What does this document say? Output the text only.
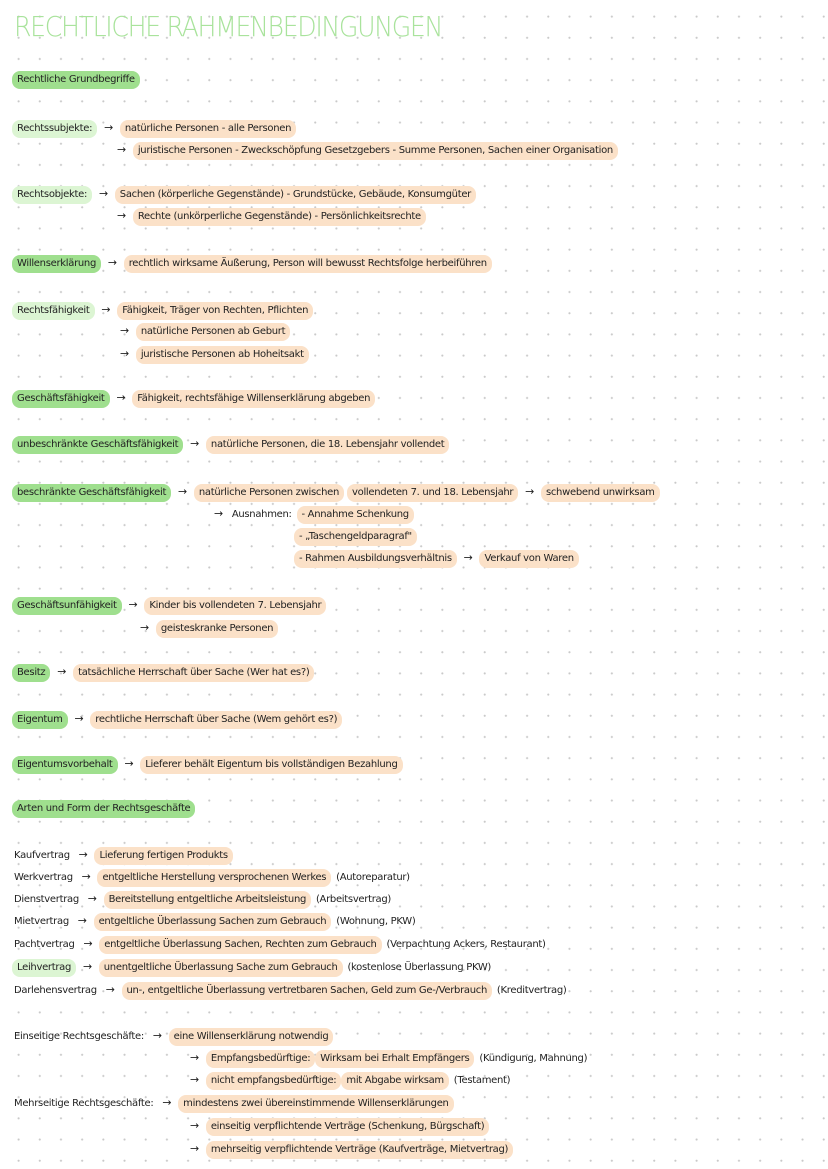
RECHTLICHE RAHMENBEDINGUNGEN
Rechtliche Grundbegriffe
Rechtssubjekte: → natürliche Personen - alle Personen
→ juristische Personen - Zweckschöpfung Gesetzgebers - Summe Personen, Sachen einer Organisation
Rechtsobjekte: → Sachen (körperliche Gegenstände) - Grundstücke, Gebäude, Konsumgüter
→ Rechte (unkörperliche Gegenstände) - Persönlichkeitsrechte
Willenserklärung → rechtlich wirksame Äußerung, Person will bewusst Rechtsfolge herbeiführen
Rechtsfähigkeit → Fähigkeit, Träger von Rechten, Pflichten
→ natürliche Personen ab Geburt
→ juristische Personen ab Hoheitsakt
Geschäftsfähigkeit → Fähigkeit, rechtsfähige Willenserklärung abgeben
unbeschränkte Geschäftsfähigkeit → natürliche Personen, die 18. Lebensjahr vollendet
beschränkte Geschäftsfähigkeit → natürliche Personen zwischen vollendeten 7. und 18. Lebensjahr → schwebend unwirksam
→ Ausnahmen: - Annahme Schenkung
- „Taschengeldparagraf"
- Rahmen Ausbildungsverhältnis → Verkauf von Waren
Geschäftsunfähigkeit → Kinder bis vollendeten 7. Lebensjahr
→ geisteskranke Personen
Besitz → tatsächliche Herrschaft über Sache (Wer hat es?)
Eigentum → rechtliche Herrschaft über Sache (Wem gehört es?)
Eigentumsvorbehalt → Lieferer behält Eigentum bis vollständigen Bezahlung
Arten und Form der Rechtsgeschäfte
Kaufvertrag → Lieferung fertigen Produkts
Werkvertrag → entgeltliche Herstellung versprochenen Werkes (Autoreparatur)
Dienstvertrag → Bereitstellung entgeltliche Arbeitsleistung (Arbeitsvertrag)
Mietvertrag → entgeltliche Überlassung Sachen zum Gebrauch (Wohnung, PKW)
Pachtvertrag → entgeltliche Überlassung Sachen, Rechten zum Gebrauch (Verpachtung Ackers, Restaurant)
Leihvertrag → unentgeltliche Überlassung Sache zum Gebrauch (kostenlose Überlassung PKW)
Darlehensvertrag → un-, entgeltliche Überlassung vertretbaren Sachen, Geld zum Ge-/Verbrauch (Kreditvertrag)
Einseitige Rechtsgeschäfte: → eine Willenserklärung notwendig
→ Empfangsbedürftige: Wirksam bei Erhalt Empfängers (Kündigung, Mahnung)
→ nicht empfangsbedürftige: mit Abgabe wirksam (Testament)
Mehrseitige Rechtsgeschäfte: → mindestens zwei übereinstimmende Willenserklärungen
→ einseitig verpflichtende Verträge (Schenkung, Bürgschaft)
→ mehrseitig verpflichtende Verträge (Kaufverträge, Mietvertrag)
